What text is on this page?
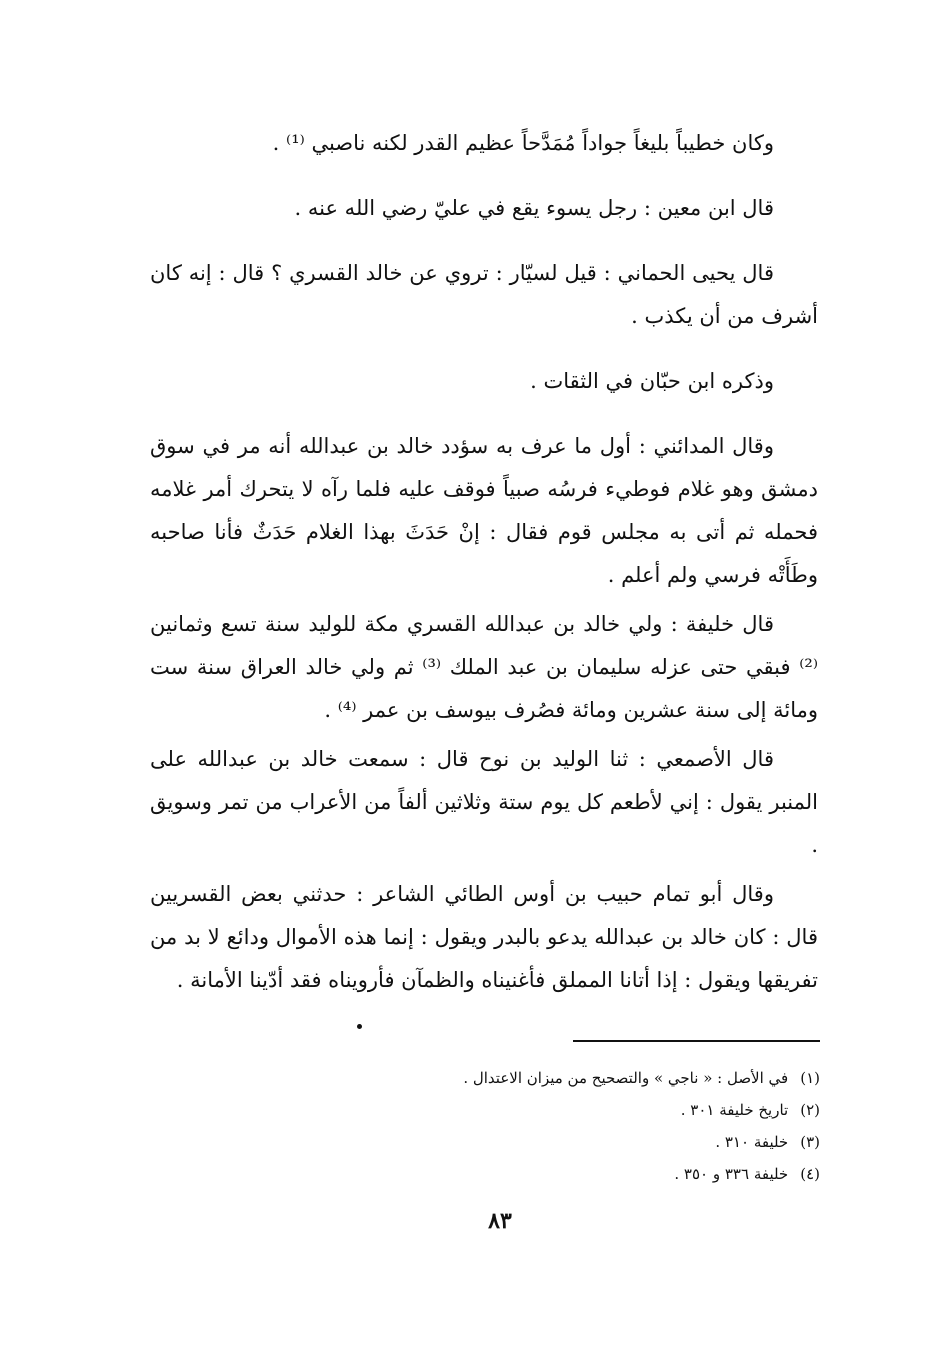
وكان خطيباً بليغاً جواداً مُمَدَّحاً عظيم القدر لكنه ناصبي ⁽¹⁾ .

قال ابن معين : رجل يسوء يقع في عليّ رضي الله عنه .

قال يحيى الحماني : قيل لسيّار : تروي عن خالد القسري ؟ قال : إنه كان أشرف من أن يكذب .

وذكره ابن حبّان في الثقات .

وقال المدائني : أول ما عرف به سؤدد خالد بن عبدالله أنه مر في سوق دمشق وهو غلام فوطيء فرسُه صبياً فوقف عليه فلما رآه لا يتحرك أمر غلامه فحمله ثم أتى به مجلس قوم فقال : إنْ حَدَثَ بهذا الغلام حَدَثٌ فأنا صاحبه وطَأَتْه فرسي ولم أعلم .

قال خليفة : ولي خالد بن عبدالله القسري مكة للوليد سنة تسع وثمانين ⁽²⁾ فبقي حتى عزله سليمان بن عبد الملك ⁽³⁾ ثم ولي خالد العراق سنة ست ومائة إلى سنة عشرين ومائة فصُرف بيوسف بن عمر ⁽⁴⁾ .

قال الأصمعي : ثنا الوليد بن نوح قال : سمعت خالد بن عبدالله على المنبر يقول : إني لأطعم كل يوم ستة وثلاثين ألفاً من الأعراب من تمر وسويق .

وقال أبو تمام حبيب بن أوس الطائي الشاعر : حدثني بعض القسريين قال : كان خالد بن عبدالله يدعو بالبدر ويقول : إنما هذه الأموال ودائع لا بد من تفريقها ويقول : إذا أتانا المملق فأغنيناه والظمآن فأرويناه فقد أدّينا الأمانة .

(١)في الأصل : « ناجي » والتصحيح من ميزان الاعتدال .

(٢)تاريخ خليفة ٣٠١ .

(٣)خليفة ٣١٠ .

(٤)خليفة ٣٣٦ و ٣٥٠ .

٨٣
